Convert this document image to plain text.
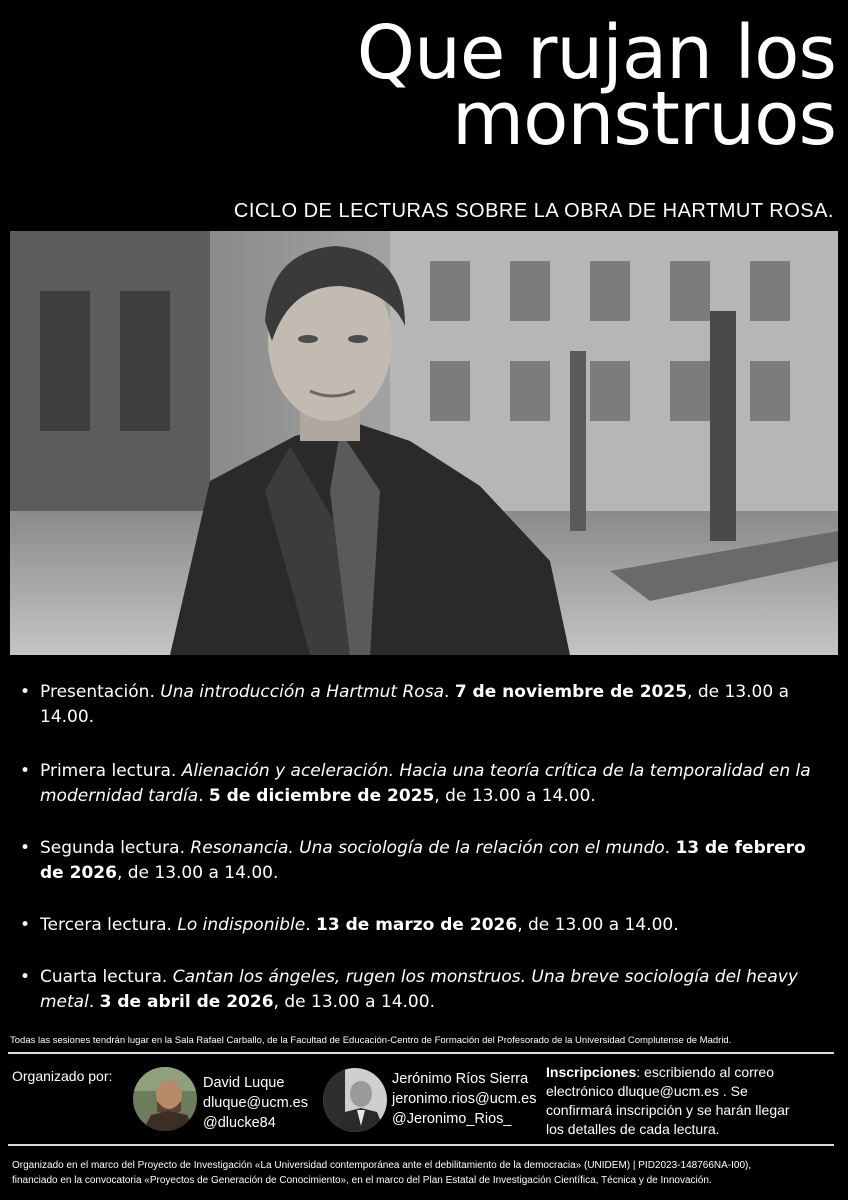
Que rujan los monstruos
CICLO DE LECTURAS SOBRE LA OBRA DE HARTMUT ROSA.
• Presentación. Una introducción a Hartmut Rosa. 7 de noviembre de 2025, de 13.00 a 14.00.
• Primera lectura. Alienación y aceleración. Hacia una teoría crítica de la temporalidad en la modernidad tardía. 5 de diciembre de 2025, de 13.00 a 14.00.
• Segunda lectura. Resonancia. Una sociología de la relación con el mundo. 13 de febrero de 2026, de 13.00 a 14.00.
• Tercera lectura. Lo indisponible. 13 de marzo de 2026, de 13.00 a 14.00.
• Cuarta lectura. Cantan los ángeles, rugen los monstruos. Una breve sociología del heavy metal. 3 de abril de 2026, de 13.00 a 14.00.
Todas las sesiones tendrán lugar en la Sala Rafael Carballo, de la Facultad de Educación-Centro de Formación del Profesorado de la Universidad Complutense de Madrid.
Organizado por:	David Luque
dluque@ucm.es
@dlucke84
Jerónimo Ríos Sierra
jeronimo.rios@ucm.es
@Jeronimo_Rios_
Inscripciones: escribiendo al correo electrónico dluque@ucm.es . Se confirmará inscripción y se harán llegar los detalles de cada lectura.
Organizado en el marco del Proyecto de Investigación «La Universidad contemporánea ante el debilitamiento de la democracia» (UNIDEM) | PID2023-148766NA-I00),
financiado en la convocatoria «Proyectos de Generación de Conocimiento», en el marco del Plan Estatal de Investigación Científica, Técnica y de Innovación.
